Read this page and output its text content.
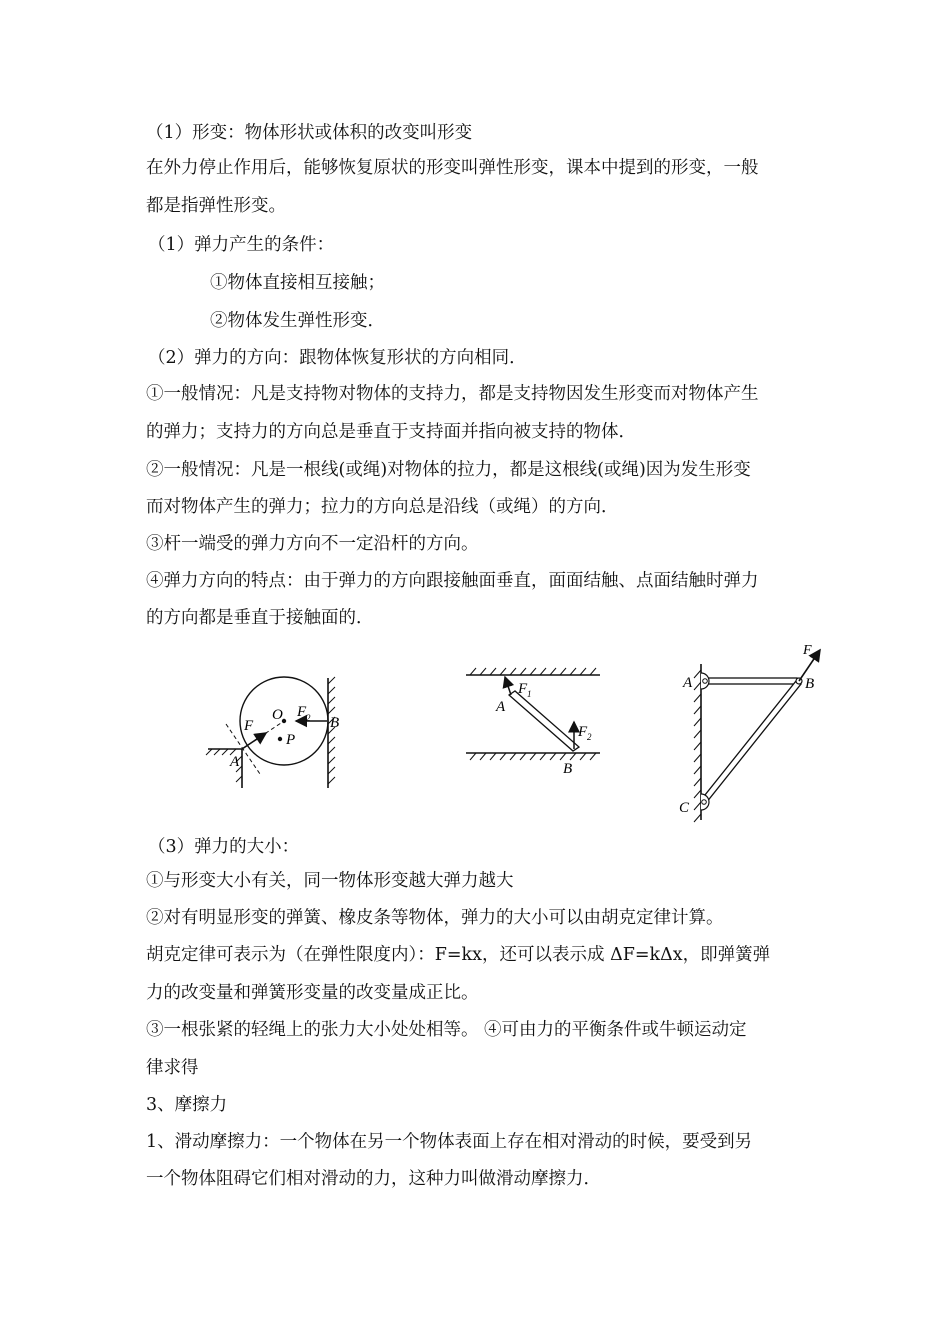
（1）形变：物体形状或体积的改变叫形变
在外力停止作用后，能够恢复原状的形变叫弹性形变，课本中提到的形变，一般
都是指弹性形变。
（1）弹力产生的条件：
①物体直接相互接触；
②物体发生弹性形变．
（2）弹力的方向：跟物体恢复形状的方向相同．
①一般情况：凡是支持物对物体的支持力，都是支持物因发生形变而对物体产生
的弹力；支持力的方向总是垂直于支持面并指向被支持的物体．
②一般情况：凡是一根线(或绳)对物体的拉力，都是这根线(或绳)因为发生形变
而对物体产生的弹力；拉力的方向总是沿线（或绳）的方向．
③杆一端受的弹力方向不一定沿杆的方向。
④弹力方向的特点：由于弹力的方向跟接触面垂直，面面结触、点面结触时弹力
的方向都是垂直于接触面的．
O
P
A
B
F
F 2
F 1
A
F 2
B
A	B
C
F
（3）弹力的大小：
①与形变大小有关，同一物体形变越大弹力越大
②对有明显形变的弹簧、橡皮条等物体，弹力的大小可以由胡克定律计算。
胡克定律可表示为（在弹性限度内）：F=kx，还可以表示成 ΔF=kΔx，即弹簧弹
力的改变量和弹簧形变量的改变量成正比。
③一根张紧的轻绳上的张力大小处处相等。 ④可由力的平衡条件或牛顿运动定
律求得
3、摩擦力
1、滑动摩擦力：一个物体在另一个物体表面上存在相对滑动的时候，要受到另
一个物体阻碍它们相对滑动的力，这种力叫做滑动摩擦力．
